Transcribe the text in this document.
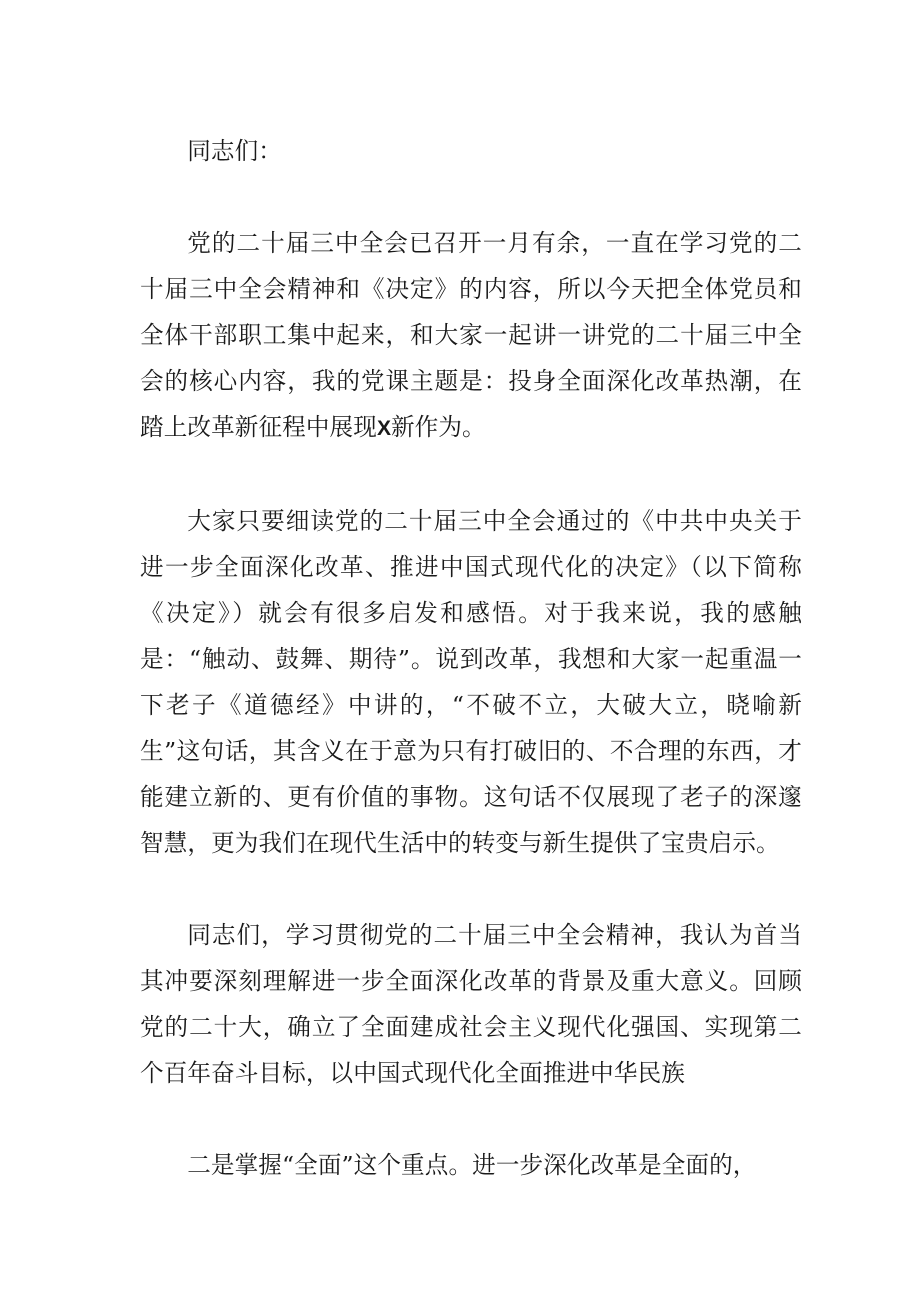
同志们：

党的二十届三中全会已召开一月有余，一直在学习党的二十届三中全会精神和《决定》的内容，所以今天把全体党员和全体干部职工集中起来，和大家一起讲一讲党的二十届三中全会的核心内容，我的党课主题是：投身全面深化改革热潮，在踏上改革新征程中展现X新作为。

大家只要细读党的二十届三中全会通过的《中共中央关于进一步全面深化改革、推进中国式现代化的决定》（以下简称《决定》）就会有很多启发和感悟。对于我来说，我的感触是：“触动、鼓舞、期待”。说到改革，我想和大家一起重温一下老子《道德经》中讲的，“不破不立，大破大立，晓喻新生”这句话，其含义在于意为只有打破旧的、不合理的东西，才能建立新的、更有价值的事物。这句话不仅展现了老子的深邃智慧，更为我们在现代生活中的转变与新生提供了宝贵启示。

同志们，学习贯彻党的二十届三中全会精神，我认为首当其冲要深刻理解进一步全面深化改革的背景及重大意义。回顾党的二十大，确立了全面建成社会主义现代化强国、实现第二个百年奋斗目标，以中国式现代化全面推进中华民族

二是掌握“全面”这个重点。进一步深化改革是全面的，
